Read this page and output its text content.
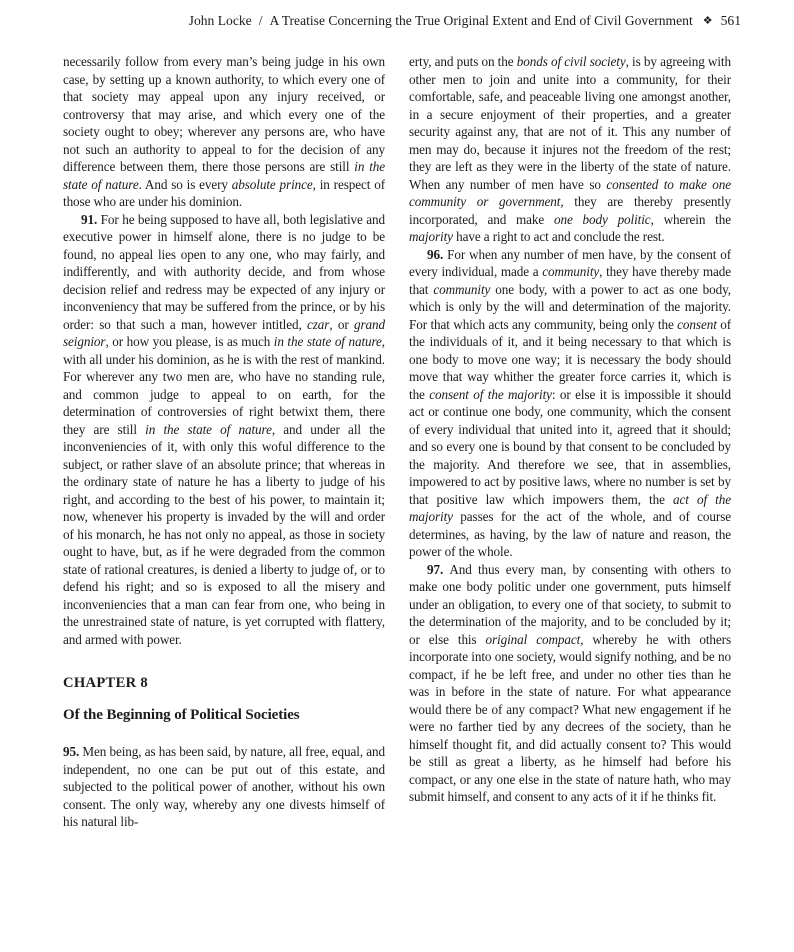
John Locke / A Treatise Concerning the True Original Extent and End of Civil Government ❖ 561

necessarily follow from every man’s being judge in his own case, by setting up a known authority, to which every one of that society may appeal upon any injury received, or controversy that may arise, and which every one of the society ought to obey; wherever any persons are, who have not such an authority to appeal to for the decision of any difference between them, there those persons are still in the state of nature. And so is every absolute prince, in respect of those who are under his dominion.

91. For he being supposed to have all, both legislative and executive power in himself alone, there is no judge to be found, no appeal lies open to any one, who may fairly, and indifferently, and with authority decide, and from whose decision relief and redress may be expected of any injury or inconveniency that may be suffered from the prince, or by his order: so that such a man, however intitled, czar, or grand seignior, or how you please, is as much in the state of nature, with all under his dominion, as he is with the rest of mankind. For wherever any two men are, who have no standing rule, and common judge to appeal to on earth, for the determination of controversies of right betwixt them, there they are still in the state of nature, and under all the inconveniencies of it, with only this woful difference to the subject, or rather slave of an absolute prince; that whereas in the ordinary state of nature he has a liberty to judge of his right, and according to the best of his power, to maintain it; now, whenever his property is invaded by the will and order of his monarch, he has not only no appeal, as those in society ought to have, but, as if he were degraded from the common state of rational creatures, is denied a liberty to judge of, or to defend his right; and so is exposed to all the misery and inconveniencies that a man can fear from one, who being in the unrestrained state of nature, is yet corrupted with flattery, and armed with power.

CHAPTER 8
Of the Beginning of Political Societies

95. Men being, as has been said, by nature, all free, equal, and independent, no one can be put out of this estate, and subjected to the political power of another, without his own consent. The only way, whereby any one divests himself of his natural lib-

erty, and puts on the bonds of civil society, is by agreeing with other men to join and unite into a community, for their comfortable, safe, and peaceable living one amongst another, in a secure enjoyment of their properties, and a greater security against any, that are not of it. This any number of men may do, because it injures not the freedom of the rest; they are left as they were in the liberty of the state of nature. When any number of men have so consented to make one community or government, they are thereby presently incorporated, and make one body politic, wherein the majority have a right to act and conclude the rest.

96. For when any number of men have, by the consent of every individual, made a community, they have thereby made that community one body, with a power to act as one body, which is only by the will and determination of the majority. For that which acts any community, being only the consent of the individuals of it, and it being necessary to that which is one body to move one way; it is necessary the body should move that way whither the greater force carries it, which is the consent of the majority: or else it is impossible it should act or continue one body, one community, which the consent of every individual that united into it, agreed that it should; and so every one is bound by that consent to be concluded by the majority. And therefore we see, that in assemblies, impowered to act by positive laws, where no number is set by that positive law which impowers them, the act of the majority passes for the act of the whole, and of course determines, as having, by the law of nature and reason, the power of the whole.

97. And thus every man, by consenting with others to make one body politic under one government, puts himself under an obligation, to every one of that society, to submit to the determination of the majority, and to be concluded by it; or else this original compact, whereby he with others incorporate into one society, would signify nothing, and be no compact, if he be left free, and under no other ties than he was in before in the state of nature. For what appearance would there be of any compact? What new engagement if he were no farther tied by any decrees of the society, than he himself thought fit, and did actually consent to? This would be still as great a liberty, as he himself had before his compact, or any one else in the state of nature hath, who may submit himself, and consent to any acts of it if he thinks fit.
